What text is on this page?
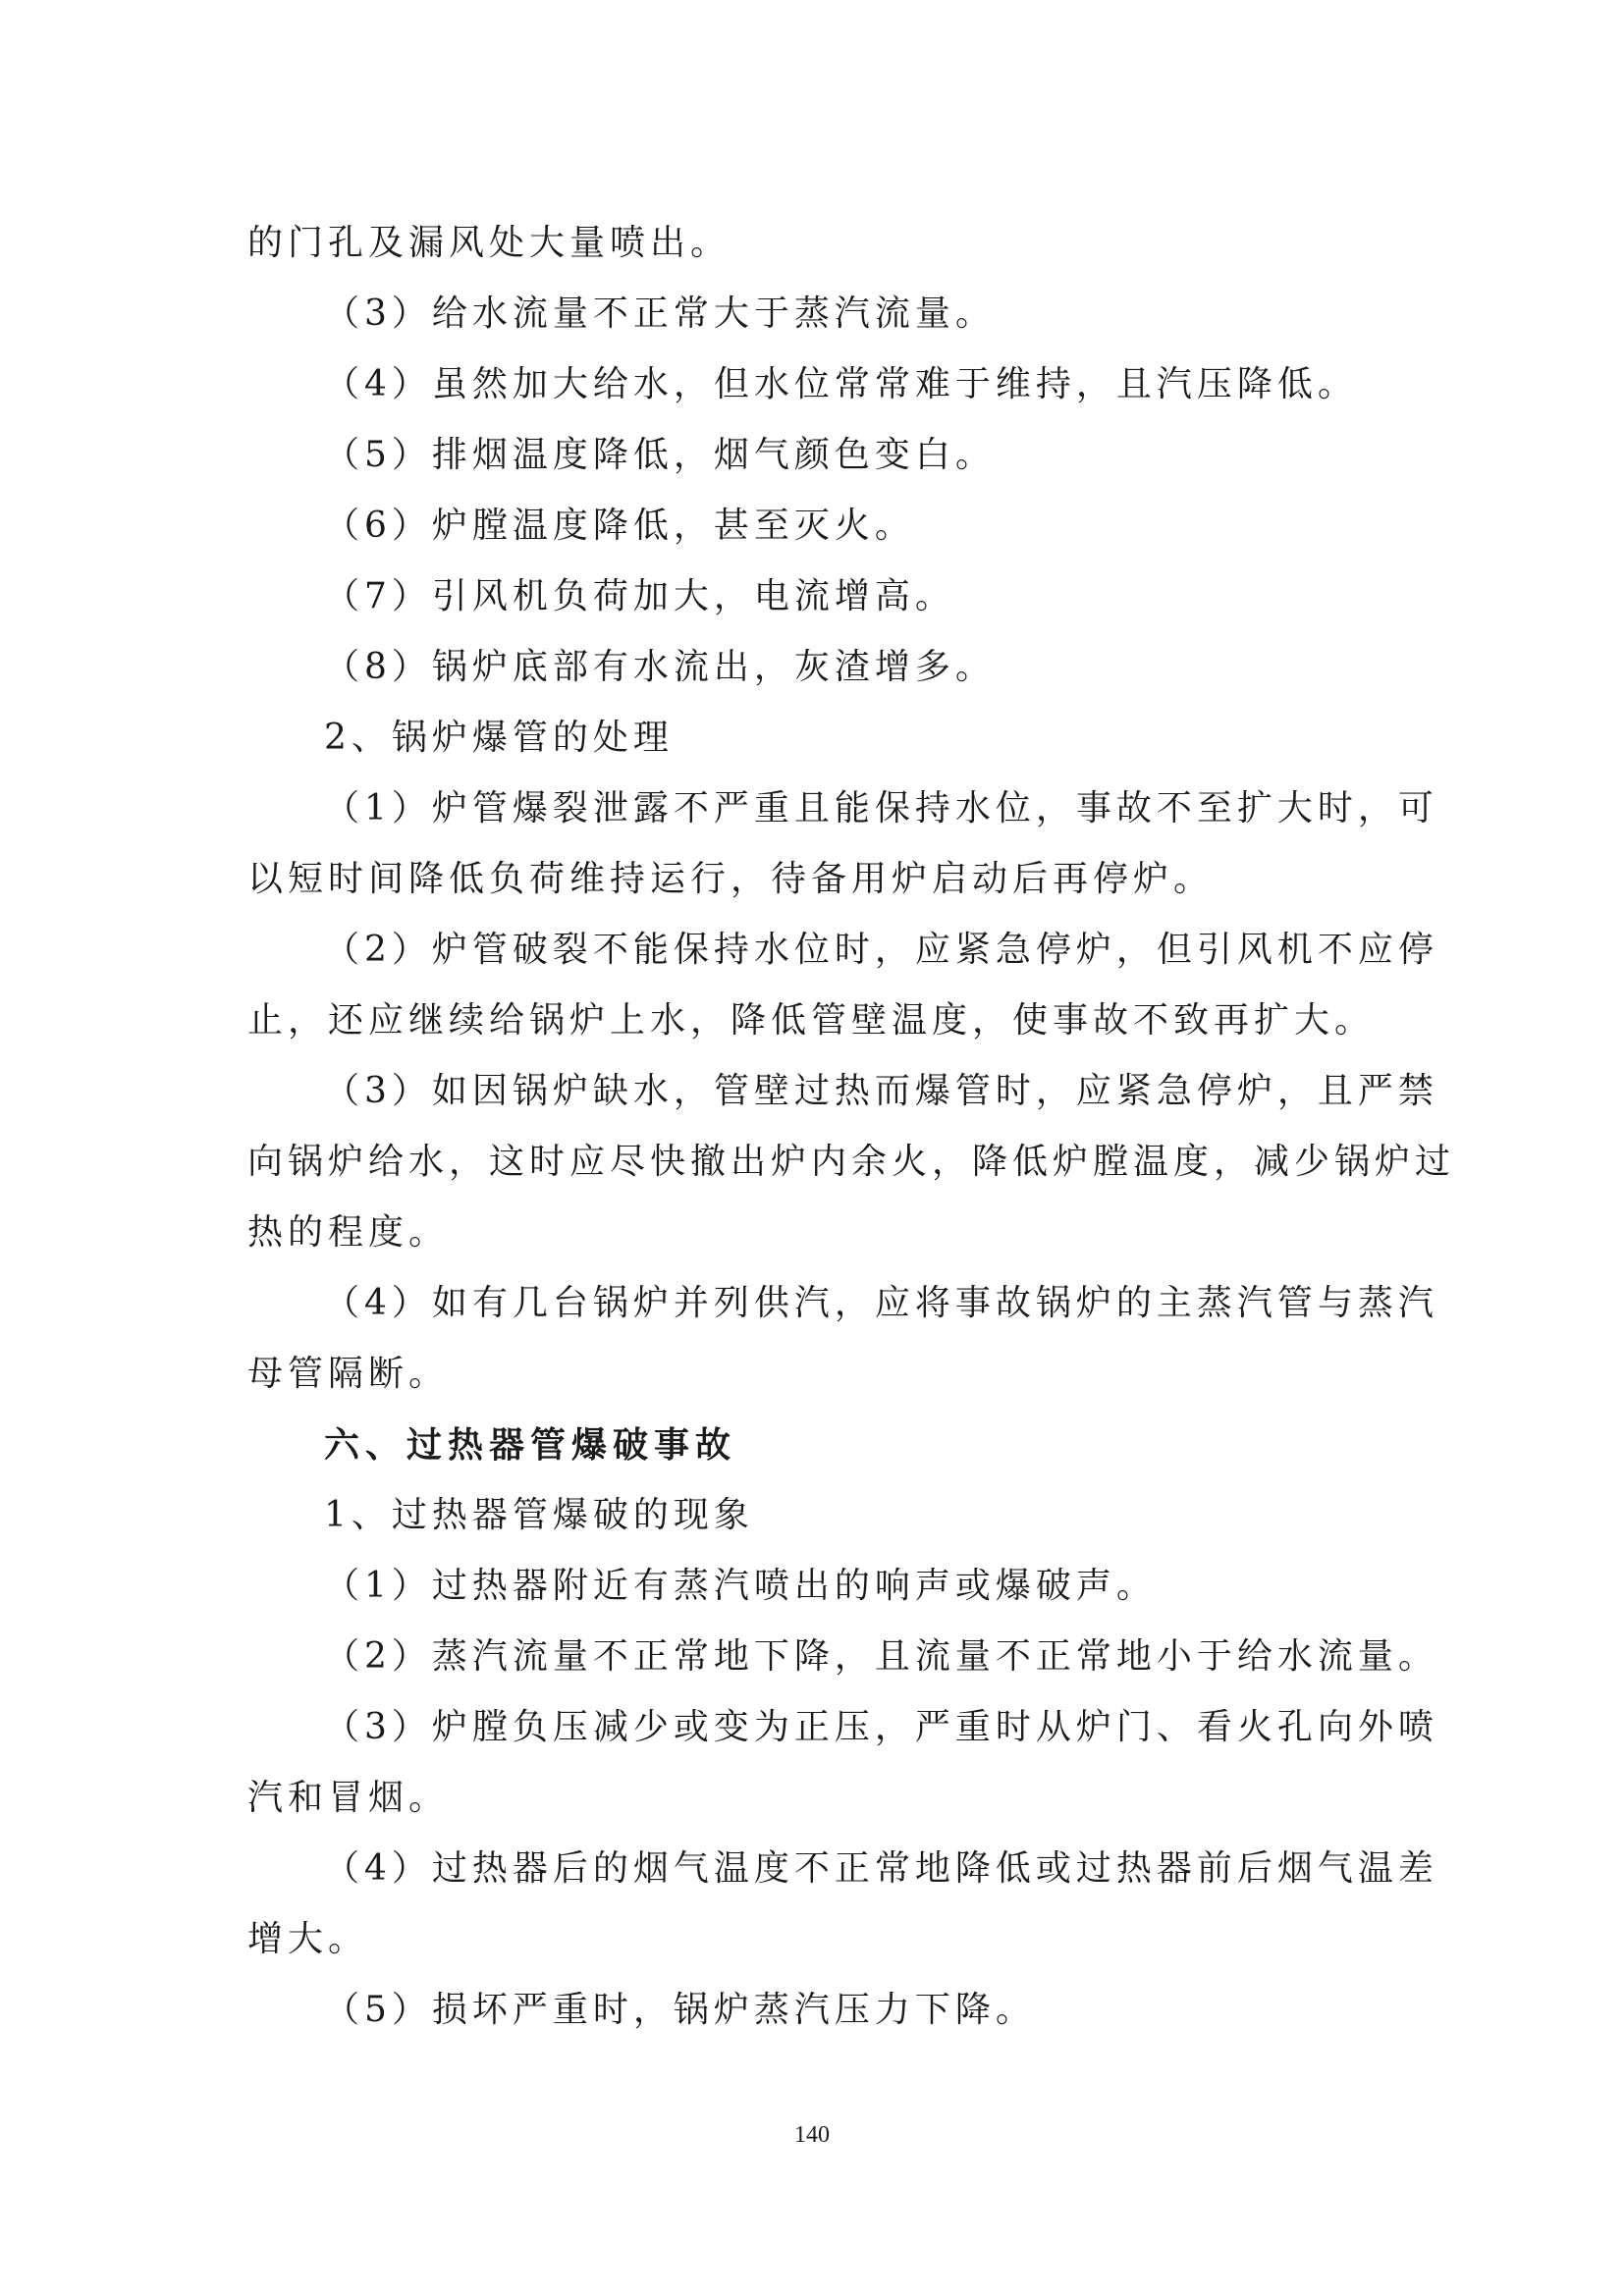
的门孔及漏风处大量喷出。

（3）给水流量不正常大于蒸汽流量。

（4）虽然加大给水，但水位常常难于维持，且汽压降低。

（5）排烟温度降低，烟气颜色变白。

（6）炉膛温度降低，甚至灭火。

（7）引风机负荷加大，电流增高。

（8）锅炉底部有水流出，灰渣增多。

2、锅炉爆管的处理

（1）炉管爆裂泄露不严重且能保持水位，事故不至扩大时，可

以短时间降低负荷维持运行，待备用炉启动后再停炉。

（2）炉管破裂不能保持水位时，应紧急停炉，但引风机不应停

止，还应继续给锅炉上水，降低管壁温度，使事故不致再扩大。

（3）如因锅炉缺水，管壁过热而爆管时，应紧急停炉，且严禁

向锅炉给水，这时应尽快撤出炉内余火，降低炉膛温度，减少锅炉过

热的程度。

（4）如有几台锅炉并列供汽，应将事故锅炉的主蒸汽管与蒸汽

母管隔断。

六、过热器管爆破事故

1、过热器管爆破的现象

（1）过热器附近有蒸汽喷出的响声或爆破声。

（2）蒸汽流量不正常地下降，且流量不正常地小于给水流量。

（3）炉膛负压减少或变为正压，严重时从炉门、看火孔向外喷

汽和冒烟。

（4）过热器后的烟气温度不正常地降低或过热器前后烟气温差

增大。

（5）损坏严重时，锅炉蒸汽压力下降。

140
